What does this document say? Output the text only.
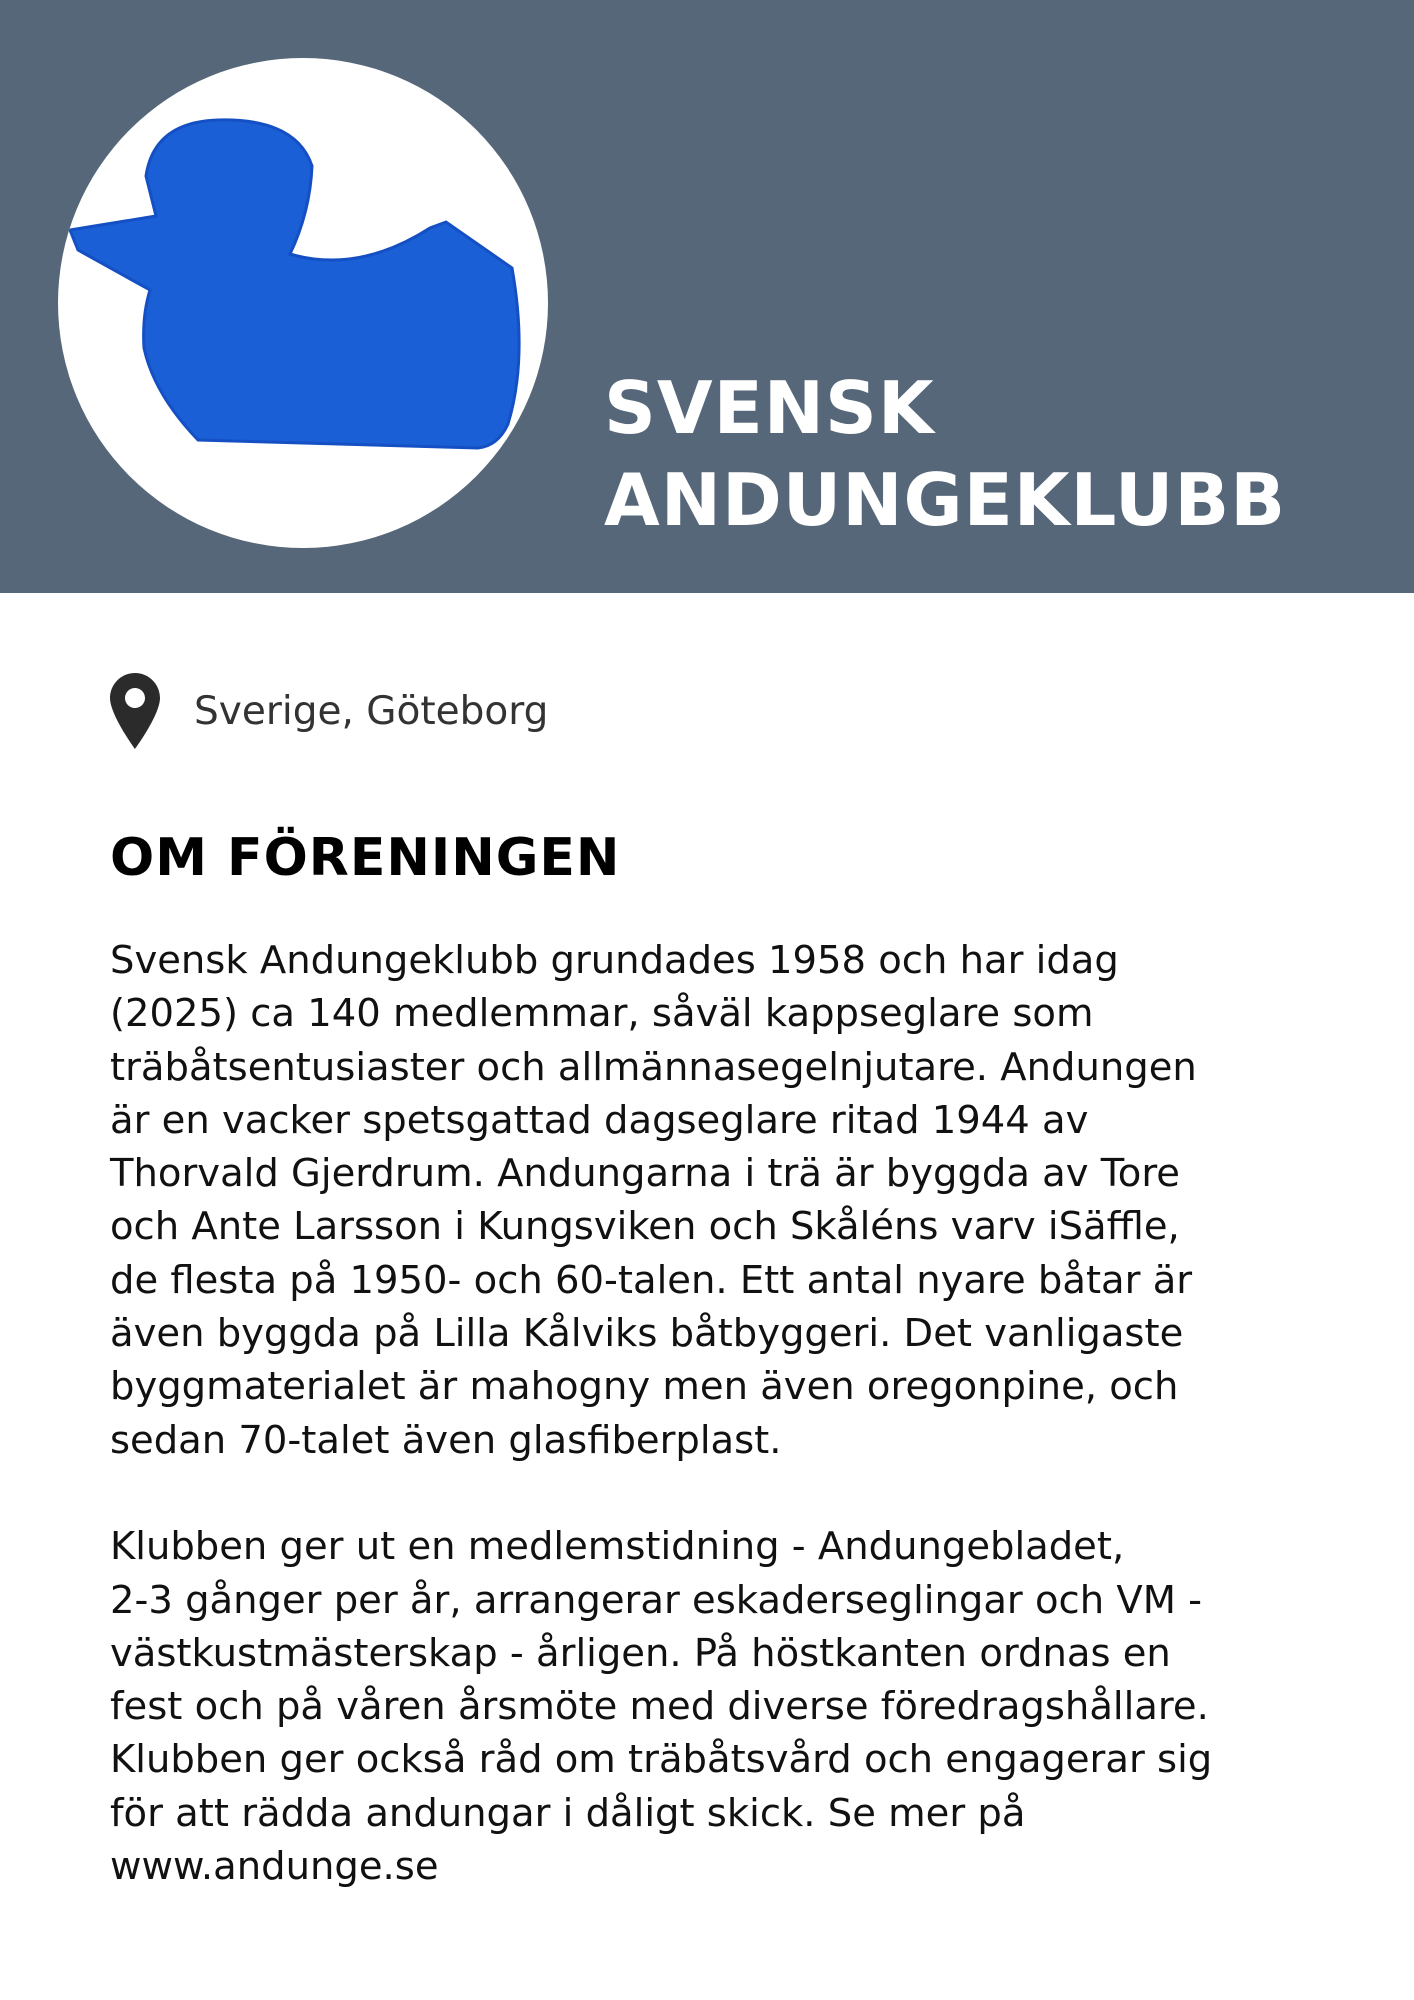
SVENSK
ANDUNGEKLUBB
Sverige, Göteborg
OM FÖRENINGEN

Svensk Andungeklubb grundades 1958 och har idag
(2025) ca 140 medlemmar, såväl kappseglare som
träbåtsentusiaster och allmännasegelnjutare. Andungen
är en vacker spetsgattad dagseglare ritad 1944 av
Thorvald Gjerdrum. Andungarna i trä är byggda av Tore
och Ante Larsson i Kungsviken och Skåléns varv iSäffle,
de flesta på 1950- och 60-talen. Ett antal nyare båtar är
även byggda på Lilla Kålviks båtbyggeri. Det vanligaste
byggmaterialet är mahogny men även oregonpine, och
sedan 70-talet även glasfiberplast.

Klubben ger ut en medlemstidning - Andungebladet,
2-3 gånger per år, arrangerar eskaderseglingar och VM -
västkustmästerskap - årligen. På höstkanten ordnas en
fest och på våren årsmöte med diverse föredragshållare.
Klubben ger också råd om träbåtsvård och engagerar sig
för att rädda andungar i dåligt skick. Se mer på
www.andunge.se
